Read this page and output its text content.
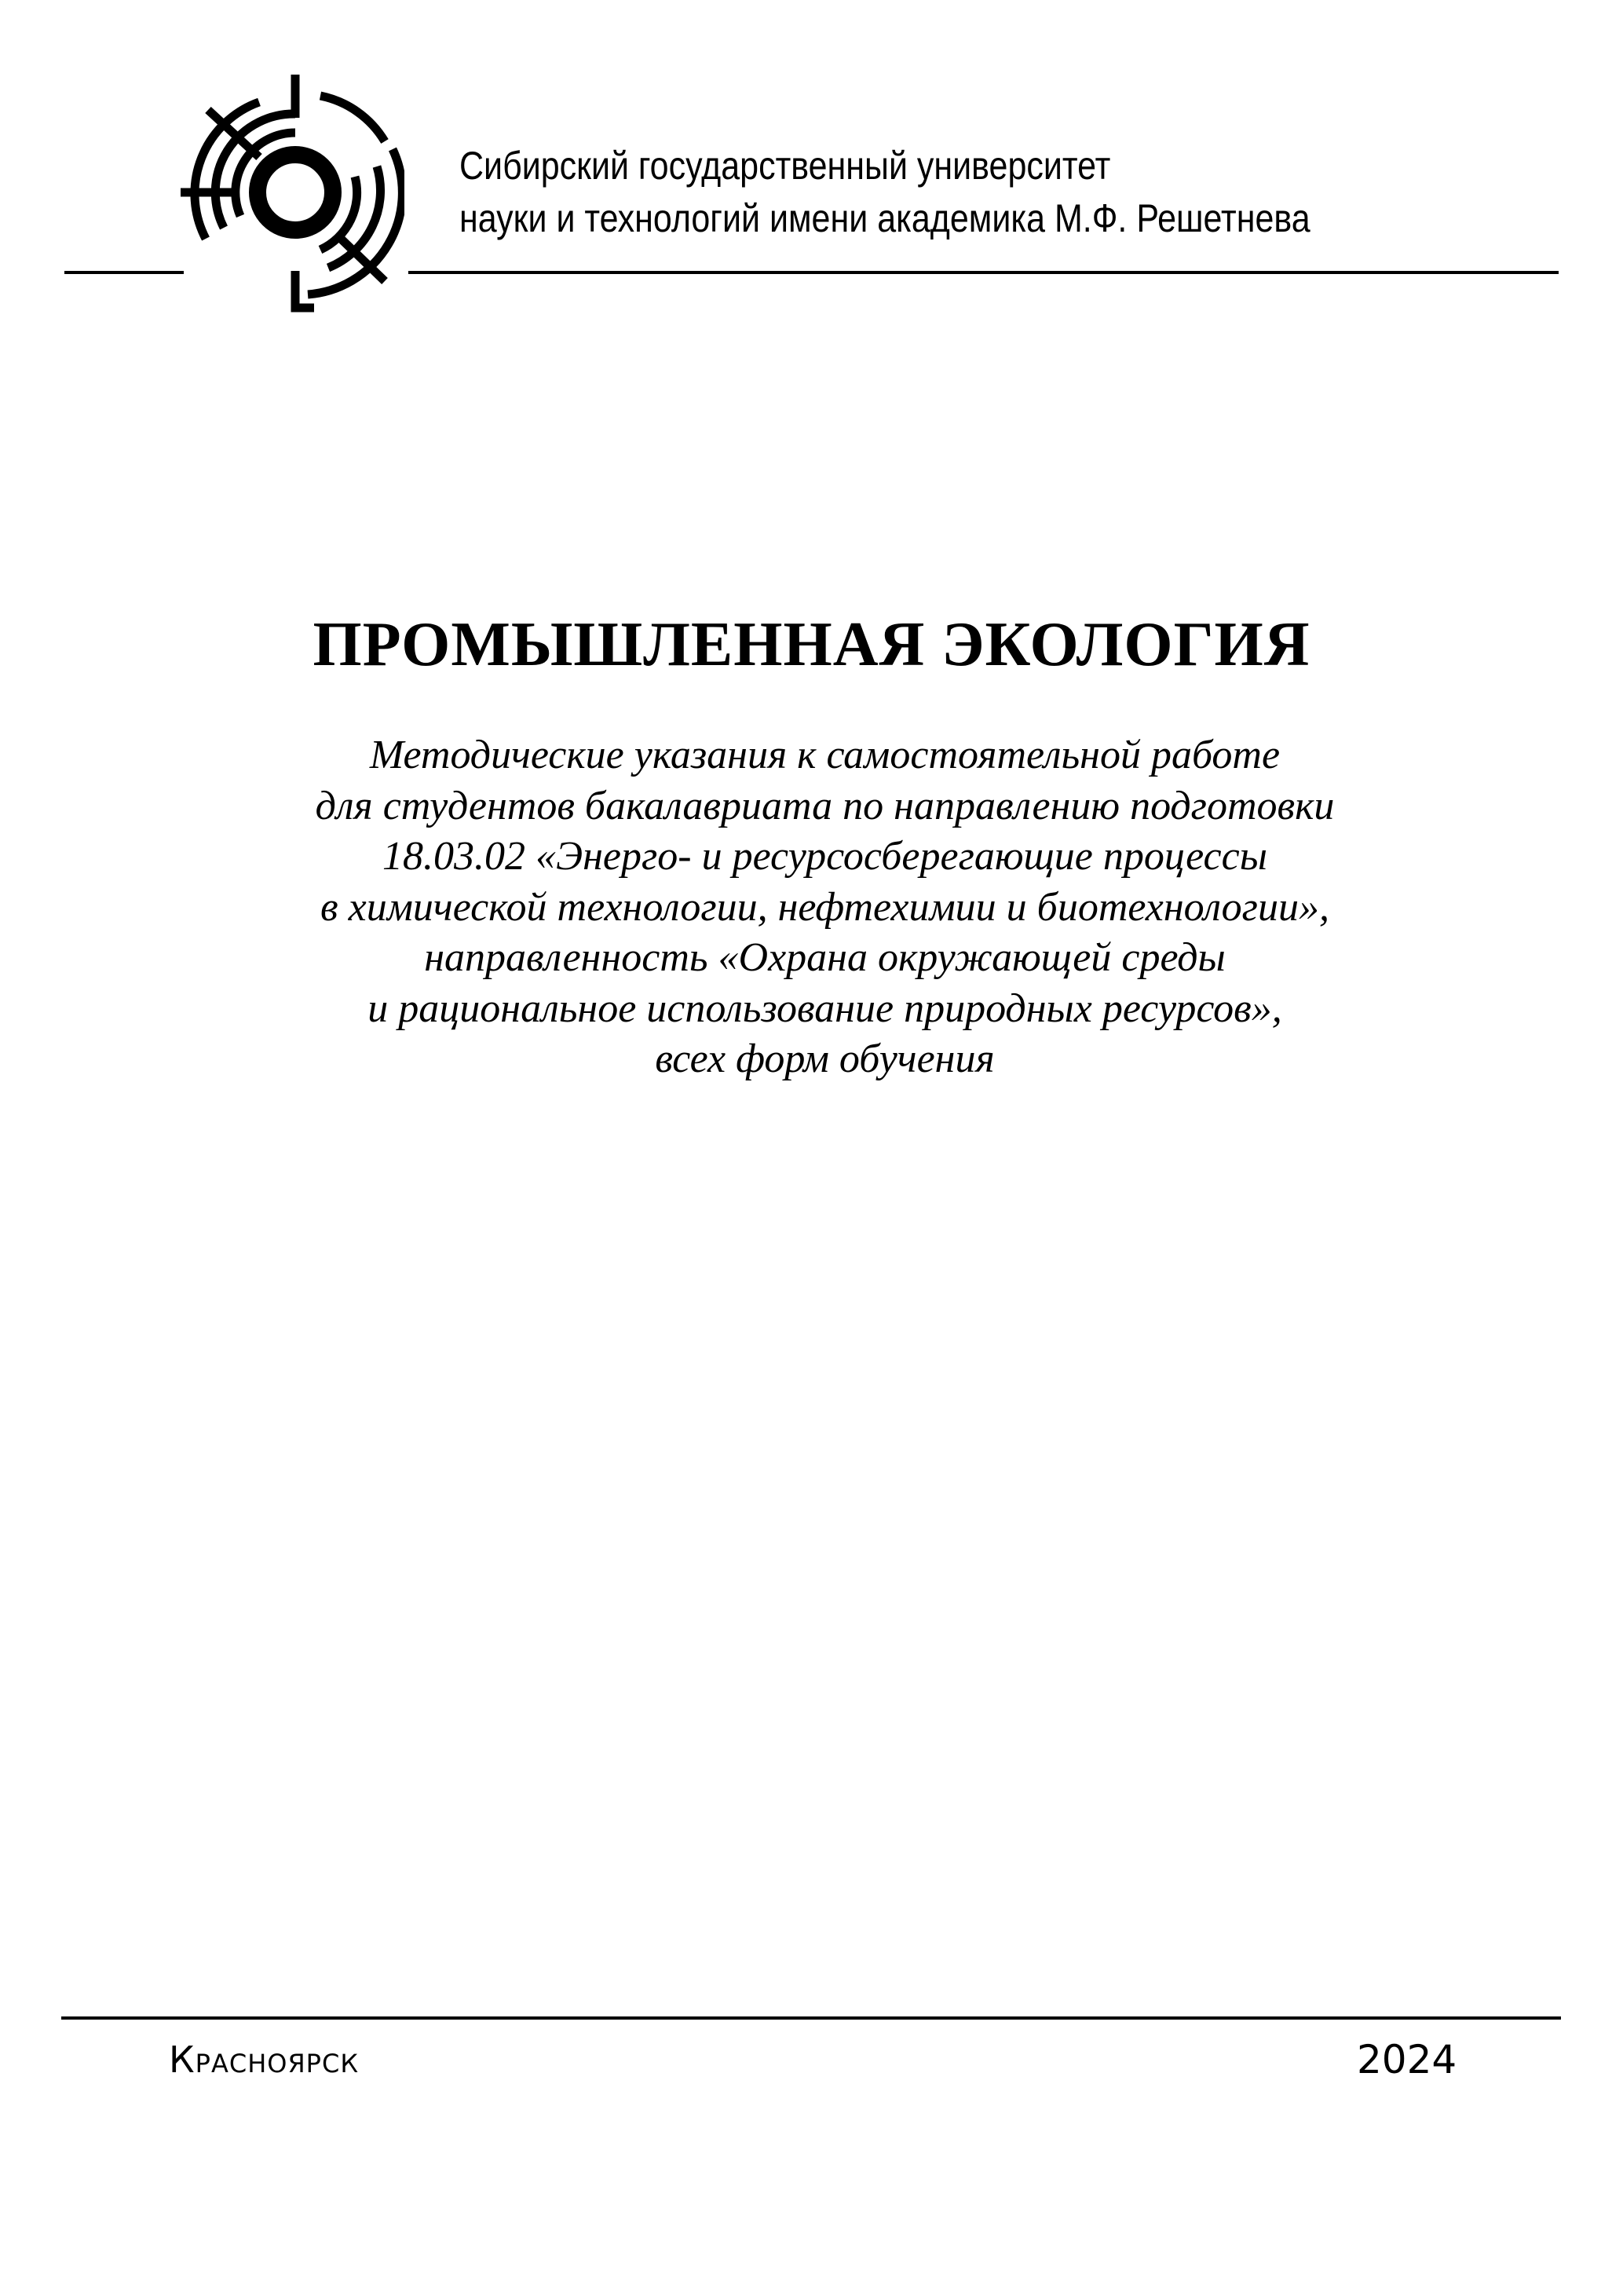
Сибирский государственный университет
науки и технологий имени академика М.Ф. Решетнева
ПРОМЫШЛЕННАЯ ЭКОЛОГИЯ
Методические указания к самостоятельной работе
для студентов бакалавриата по направлению подготовки
18.03.02 «Энерго- и ресурсосберегающие процессы
в химической технологии, нефтехимии и биотехнологии»,
направленность «Охрана окружающей среды
и рациональное использование природных ресурсов»,
всех форм обучения
Красноярск	2024
